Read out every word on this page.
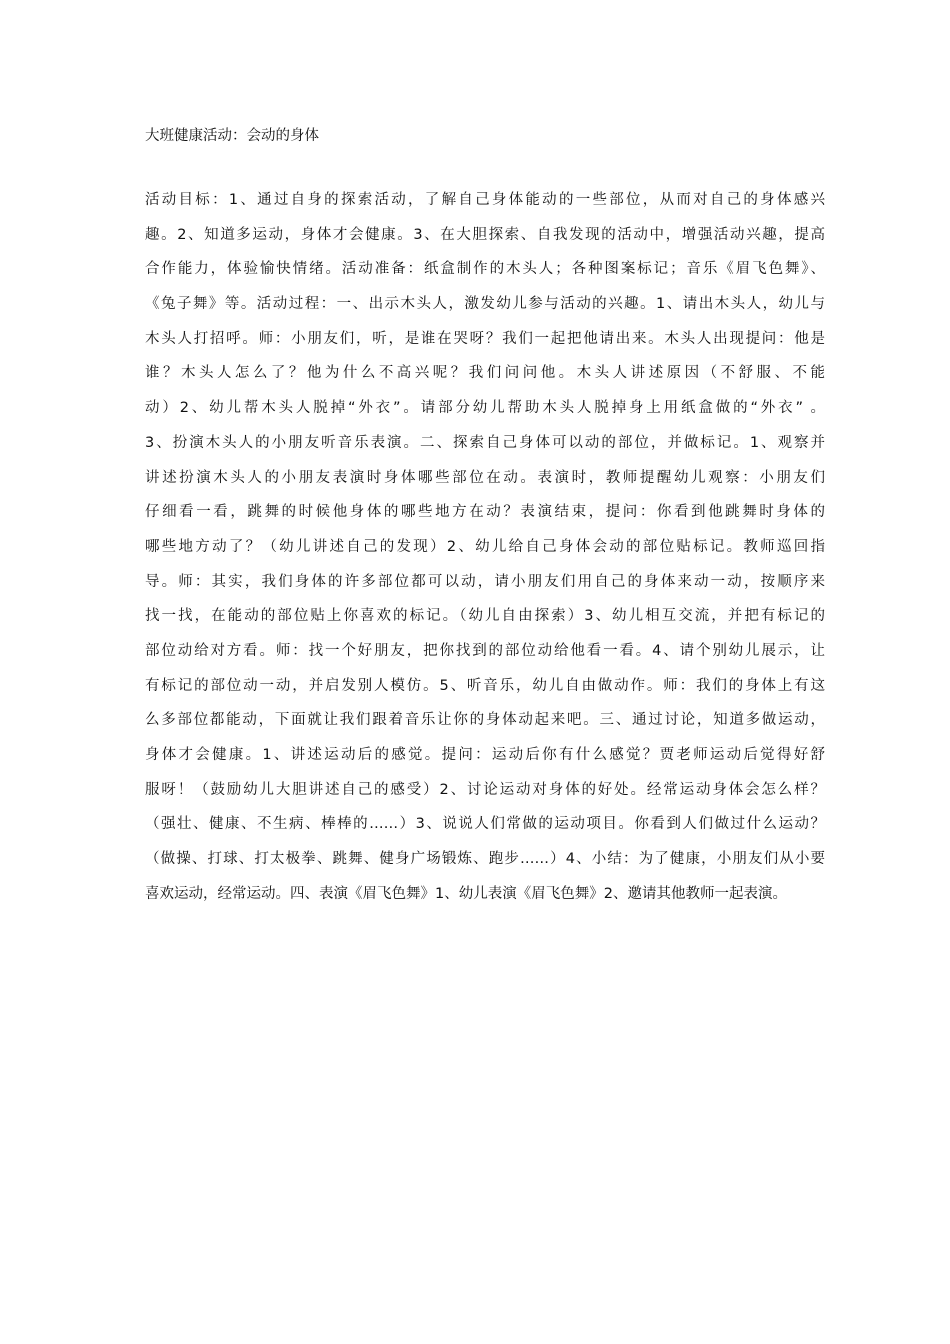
大班健康活动：会动的身体
活动目标：1、通过自身的探索活动，了解自己身体能动的一些部位，从而对自己的身体感兴
趣。2、知道多运动，身体才会健康。3、在大胆探索、自我发现的活动中，增强活动兴趣，提高
合作能力，体验愉快情绪。活动准备：纸盒制作的木头人；各种图案标记；音乐《眉飞色舞》、
《兔子舞》等。活动过程：一、出示木头人，激发幼儿参与活动的兴趣。1、请出木头人，幼儿与
木头人打招呼。师：小朋友们，听，是谁在哭呀？我们一起把他请出来。木头人出现提问：他是
谁？木头人怎么了？他为什么不高兴呢？我们问问他。木头人讲述原因（不舒服、不能
动）2、幼儿帮木头人脱掉“外衣”。请部分幼儿帮助木头人脱掉身上用纸盒做的“外衣” 。
3、扮演木头人的小朋友听音乐表演。二、探索自己身体可以动的部位，并做标记。1、观察并
讲述扮演木头人的小朋友表演时身体哪些部位在动。表演时，教师提醒幼儿观察：小朋友们
仔细看一看，跳舞的时候他身体的哪些地方在动？表演结束，提问：你看到他跳舞时身体的
哪些地方动了？（幼儿讲述自己的发现）2、幼儿给自己身体会动的部位贴标记。教师巡回指
导。师：其实，我们身体的许多部位都可以动，请小朋友们用自己的身体来动一动，按顺序来
找一找，在能动的部位贴上你喜欢的标记。（幼儿自由探索）3、幼儿相互交流，并把有标记的
部位动给对方看。师：找一个好朋友，把你找到的部位动给他看一看。4、请个别幼儿展示，让
有标记的部位动一动，并启发别人模仿。5、听音乐，幼儿自由做动作。师：我们的身体上有这
么多部位都能动，下面就让我们跟着音乐让你的身体动起来吧。三、通过讨论，知道多做运动，
身体才会健康。1、讲述运动后的感觉。提问：运动后你有什么感觉？贾老师运动后觉得好舒
服呀！（鼓励幼儿大胆讲述自己的感受）2、讨论运动对身体的好处。经常运动身体会怎么样？
（强壮、健康、不生病、棒棒的……）3、说说人们常做的运动项目。你看到人们做过什么运动？
（做操、打球、打太极拳、跳舞、健身广场锻炼、跑步……）4、小结：为了健康，小朋友们从小要
喜欢运动，经常运动。四、表演《眉飞色舞》1、幼儿表演《眉飞色舞》2、邀请其他教师一起表演。
